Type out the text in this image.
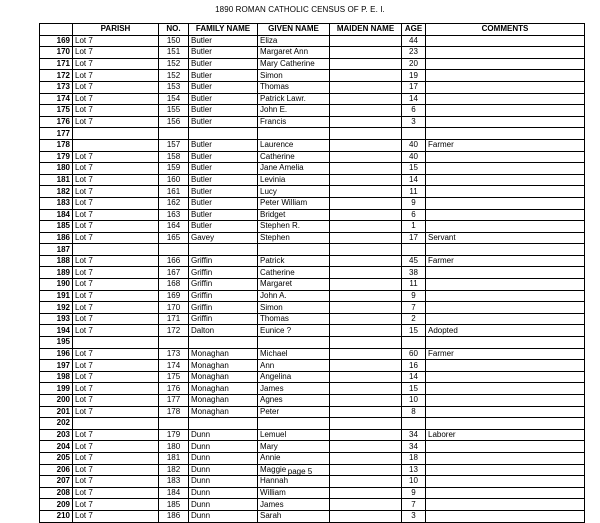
1890 ROMAN CATHOLIC CENSUS OF P. E. I.
	PARISH	NO.	FAMILY NAME	GIVEN NAME	MAIDEN NAME	AGE	COMMENTS
169	Lot 7	150	Butler	Eliza		44	
170	Lot 7	151	Butler	Margaret Ann		23	
171	Lot 7	152	Butler	Mary Catherine		20	
172	Lot 7	152	Butler	Simon		19	
173	Lot 7	153	Butler	Thomas		17	
174	Lot 7	154	Butler	Patrick Lawr.		14	
175	Lot 7	155	Butler	John E.		6	
176	Lot 7	156	Butler	Francis		3	
177							
178		157	Butler	Laurence		40	Farmer
179	Lot 7	158	Butler	Catherine		40	
180	Lot 7	159	Butler	Jane Amelia		15	
181	Lot 7	160	Butler	Levinia		14	
182	Lot 7	161	Butler	Lucy		11	
183	Lot 7	162	Butler	Peter William		9	
184	Lot 7	163	Butler	Bridget		6	
185	Lot 7	164	Butler	Stephen R.		1	
186	Lot 7	165	Gavey	Stephen		17	Servant
187							
188	Lot 7	166	Griffin	Patrick		45	Farmer
189	Lot 7	167	Griffin	Catherine		38	
190	Lot 7	168	Griffin	Margaret		11	
191	Lot 7	169	Griffin	John A.		9	
192	Lot 7	170	Griffin	Simon		7	
193	Lot 7	171	Griffin	Thomas		2	
194	Lot 7	172	Dalton	Eunice ?		15	Adopted
195							
196	Lot 7	173	Monaghan	Michael		60	Farmer
197	Lot 7	174	Monaghan	Ann		16	
198	Lot 7	175	Monaghan	Angelina		14	
199	Lot 7	176	Monaghan	James		15	
200	Lot 7	177	Monaghan	Agnes		10	
201	Lot 7	178	Monaghan	Peter		8	
202							
203	Lot 7	179	Dunn	Lemuel		34	Laborer
204	Lot 7	180	Dunn	Mary		34	
205	Lot 7	181	Dunn	Annie		18	
206	Lot 7	182	Dunn	Maggie		13	
207	Lot 7	183	Dunn	Hannah		10	
208	Lot 7	184	Dunn	William		9	
209	Lot 7	185	Dunn	James		7	
210	Lot 7	186	Dunn	Sarah		3	
page 5
